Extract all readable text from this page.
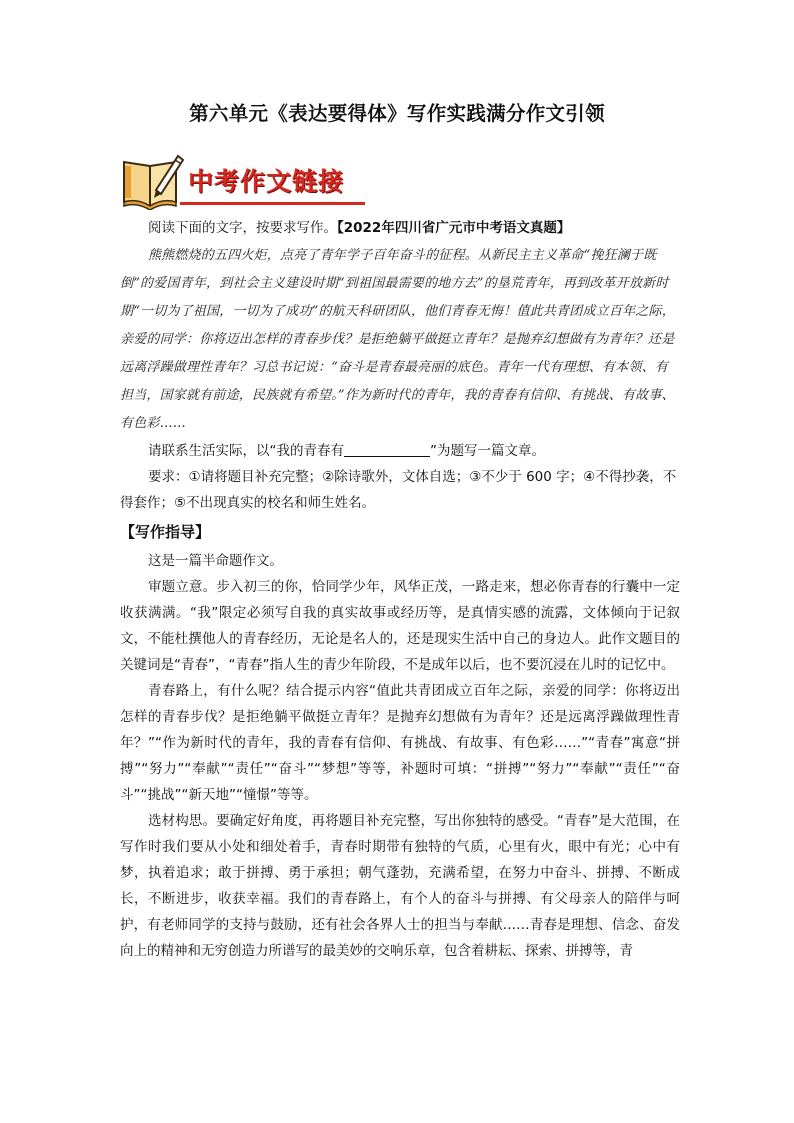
第六单元《表达要得体》写作实践满分作文引领
中考作文链接

阅读下面的文字，按要求写作。【2022年四川省广元市中考语文真题】

熊熊燃烧的五四火炬，点亮了青年学子百年奋斗的征程。从新民主主义革命“挽狂澜于既倒”的爱国青年，到社会主义建设时期“到祖国最需要的地方去”的垦荒青年，再到改革开放新时期“一切为了祖国，一切为了成功”的航天科研团队，他们青春无悔！值此共青团成立百年之际，亲爱的同学：你将迈出怎样的青春步伐？是拒绝躺平做挺立青年？是抛弃幻想做有为青年？还是远离浮躁做理性青年？习总书记说：“奋斗是青春最亮丽的底色。青年一代有理想、有本领、有担当，国家就有前途，民族就有希望。”作为新时代的青年，我的青春有信仰、有挑战、有故事、有色彩……

请联系生活实际，以“我的青春有	”为题写一篇文章。

要求：①请将题目补充完整；②除诗歌外，文体自选；③不少于 600 字；④不得抄袭，不得套作；⑤不出现真实的校名和师生姓名。

【写作指导】

这是一篇半命题作文。

审题立意。步入初三的你，恰同学少年，风华正茂，一路走来，想必你青春的行囊中一定收获满满。“我”限定必须写自我的真实故事或经历等，是真情实感的流露，文体倾向于记叙文，不能杜撰他人的青春经历，无论是名人的，还是现实生活中自己的身边人。此作文题目的关键词是“青春”，“青春”指人生的青少年阶段，不是成年以后，也不要沉浸在儿时的记忆中。

青春路上，有什么呢？结合提示内容“值此共青团成立百年之际，亲爱的同学：你将迈出怎样的青春步伐？是拒绝躺平做挺立青年？是抛弃幻想做有为青年？还是远离浮躁做理性青年？”“作为新时代的青年，我的青春有信仰、有挑战、有故事、有色彩……”“青春”寓意“拼搏”“努力”“奉献”“责任”“奋斗”“梦想”等等，补题时可填：“拼搏”“努力”“奉献”“责任”“奋斗”“挑战”“新天地”“憧憬”等等。

选材构思。要确定好角度，再将题目补充完整，写出你独特的感受。“青春”是大范围，在写作时我们要从小处和细处着手，青春时期带有独特的气质，心里有火，眼中有光；心中有梦，执着追求；敢于拼搏、勇于承担；朝气蓬勃，充满希望，在努力中奋斗、拼搏、不断成长，不断进步，收获幸福。我们的青春路上，有个人的奋斗与拼搏、有父母亲人的陪伴与呵护，有老师同学的支持与鼓励，还有社会各界人士的担当与奉献……青春是理想、信念、奋发向上的精神和无穷创造力所谱写的最美妙的交响乐章，包含着耕耘、探索、拼搏等，青
